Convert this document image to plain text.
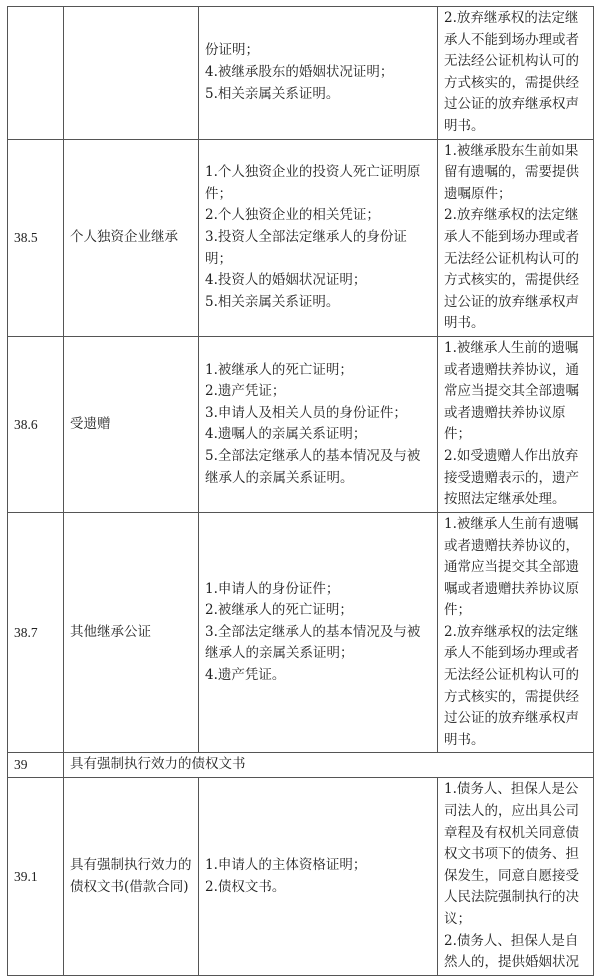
		份证明；
4.被继承股东的婚姻状况证明；
5.相关亲属关系证明。	2.放弃继承权的法定继承人不能到场办理或者无法经公证机构认可的方式核实的，需提供经过公证的放弃继承权声明书。

38.5	个人独资企业继承	1.个人独资企业的投资人死亡证明原件；
2.个人独资企业的相关凭证；
3.投资人全部法定继承人的身份证明；
4.投资人的婚姻状况证明；
5.相关亲属关系证明。	1.被继承股东生前如果留有遗嘱的，需要提供遗嘱原件；
2.放弃继承权的法定继承人不能到场办理或者无法经公证机构认可的方式核实的，需提供经过公证的放弃继承权声明书。

38.6	受遗赠	1.被继承人的死亡证明；
2.遗产凭证；
3.申请人及相关人员的身份证件；
4.遗嘱人的亲属关系证明；
5.全部法定继承人的基本情况及与被继承人的亲属关系证明。	1.被继承人生前的遗嘱或者遗赠扶养协议，通常应当提交其全部遗嘱或者遗赠扶养协议原件；
2.如受遗赠人作出放弃接受遗赠表示的，遗产按照法定继承处理。

38.7	其他继承公证	1.申请人的身份证件；
2.被继承人的死亡证明；
3.全部法定继承人的基本情况及与被继承人的亲属关系证明；
4.遗产凭证。	1.被继承人生前有遗嘱或者遗赠扶养协议的，通常应当提交其全部遗嘱或者遗赠扶养协议原件；
2.放弃继承权的法定继承人不能到场办理或者无法经公证机构认可的方式核实的，需提供经过公证的放弃继承权声明书。

39	具有强制执行效力的债权文书		
39.1	具有强制执行效力的债权文书(借款合同)	1.申请人的主体资格证明；
2.债权文书。	1.债务人、担保人是公司法人的，应出具公司章程及有权机关同意债权文书项下的债务、担保发生，同意自愿接受人民法院强制执行的决议；
2.债务人、担保人是自然人的，提供婚姻状况
